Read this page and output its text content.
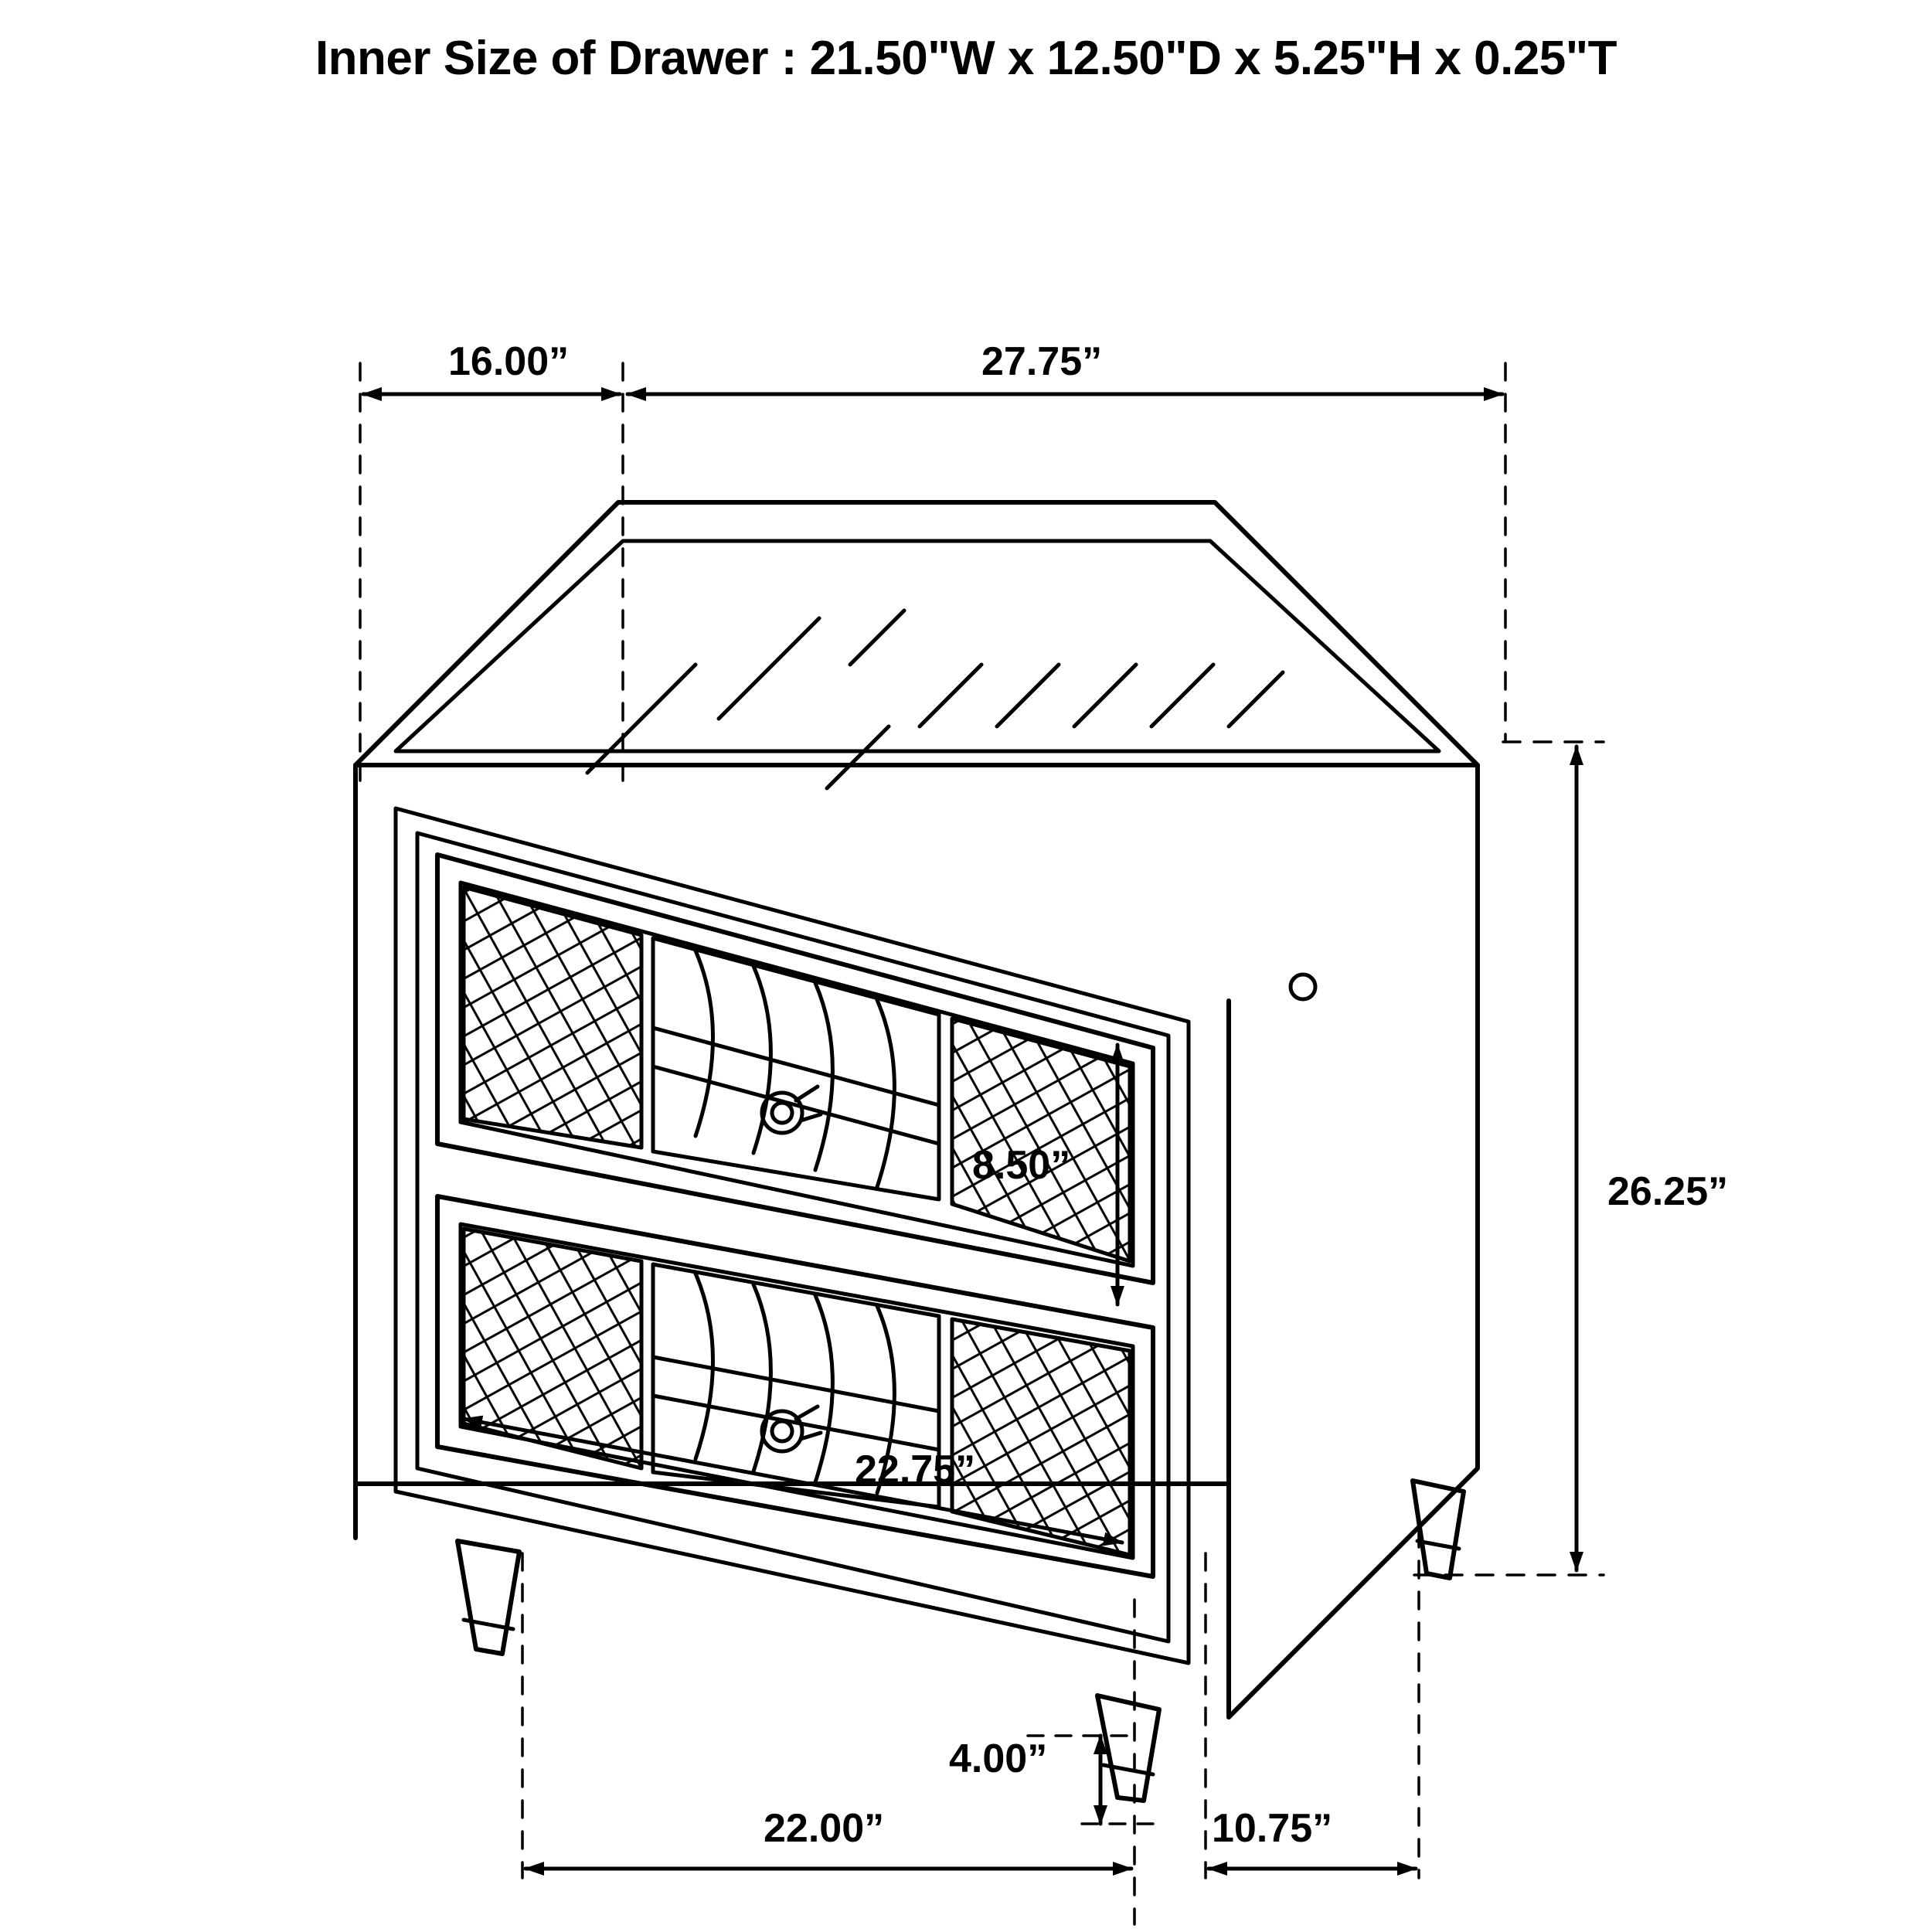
Inner Size of Drawer : 21.50"W x 12.50"D x 5.25"H x 0.25"T
16.00”	27.75”
26.25”
8.50”
22.75”
4.00”
22.00”	10.75”
